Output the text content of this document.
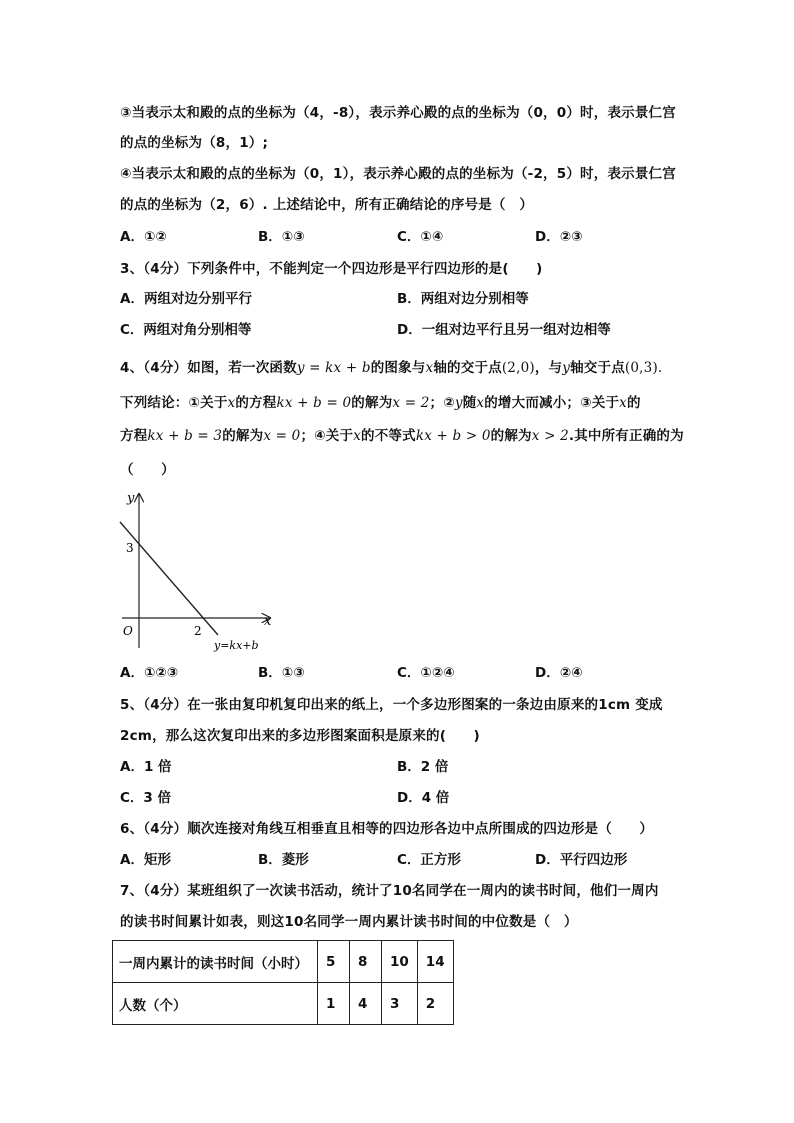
③当表示太和殿的点的坐标为（4，-8），表示养心殿的点的坐标为（0，0）时，表示景仁宫
的点的坐标为（8，1）;
④当表示太和殿的点的坐标为（0，1），表示养心殿的点的坐标为（-2，5）时，表示景仁宫
的点的坐标为（2，6）. 上述结论中，所有正确结论的序号是（　）
A．①②	B．①③	C．①④	D．②③
3、（4分）下列条件中，不能判定一个四边形是平行四边形的是(　　)
A．两组对边分别平行	B．两组对边分别相等
C．两组对角分别相等	D．一组对边平行且另一组对边相等
4、（4分）如图，若一次函数y = kx + b的图象与x轴的交于点(2,0)，与y轴交于点(0,3).
下列结论：①关于x的方程kx + b = 0的解为x = 2；②y随x的增大而减小；③关于x的
方程kx + b = 3的解为x = 0；④关于x的不等式kx + b > 0的解为x > 2.其中所有正确的为
（　　）
y
x
O
3
2
y=kx+b
A．①②③	B．①③	C．①②④	D．②④
5、（4分）在一张由复印机复印出来的纸上，一个多边形图案的一条边由原来的1cm 变成
2cm，那么这次复印出来的多边形图案面积是原来的(　　)
A．1 倍	B．2 倍
C．3 倍	D．4 倍
6、（4分）顺次连接对角线互相垂直且相等的四边形各边中点所围成的四边形是（　　）
A．矩形	B．菱形	C．正方形	D．平行四边形
7、（4分）某班组织了一次读书活动，统计了10名同学在一周内的读书时间，他们一周内
的读书时间累计如表，则这10名同学一周内累计读书时间的中位数是（　）
一周内累计的读书时间（小时）	5	8	10	14
人数（个）	1	4	3	2
